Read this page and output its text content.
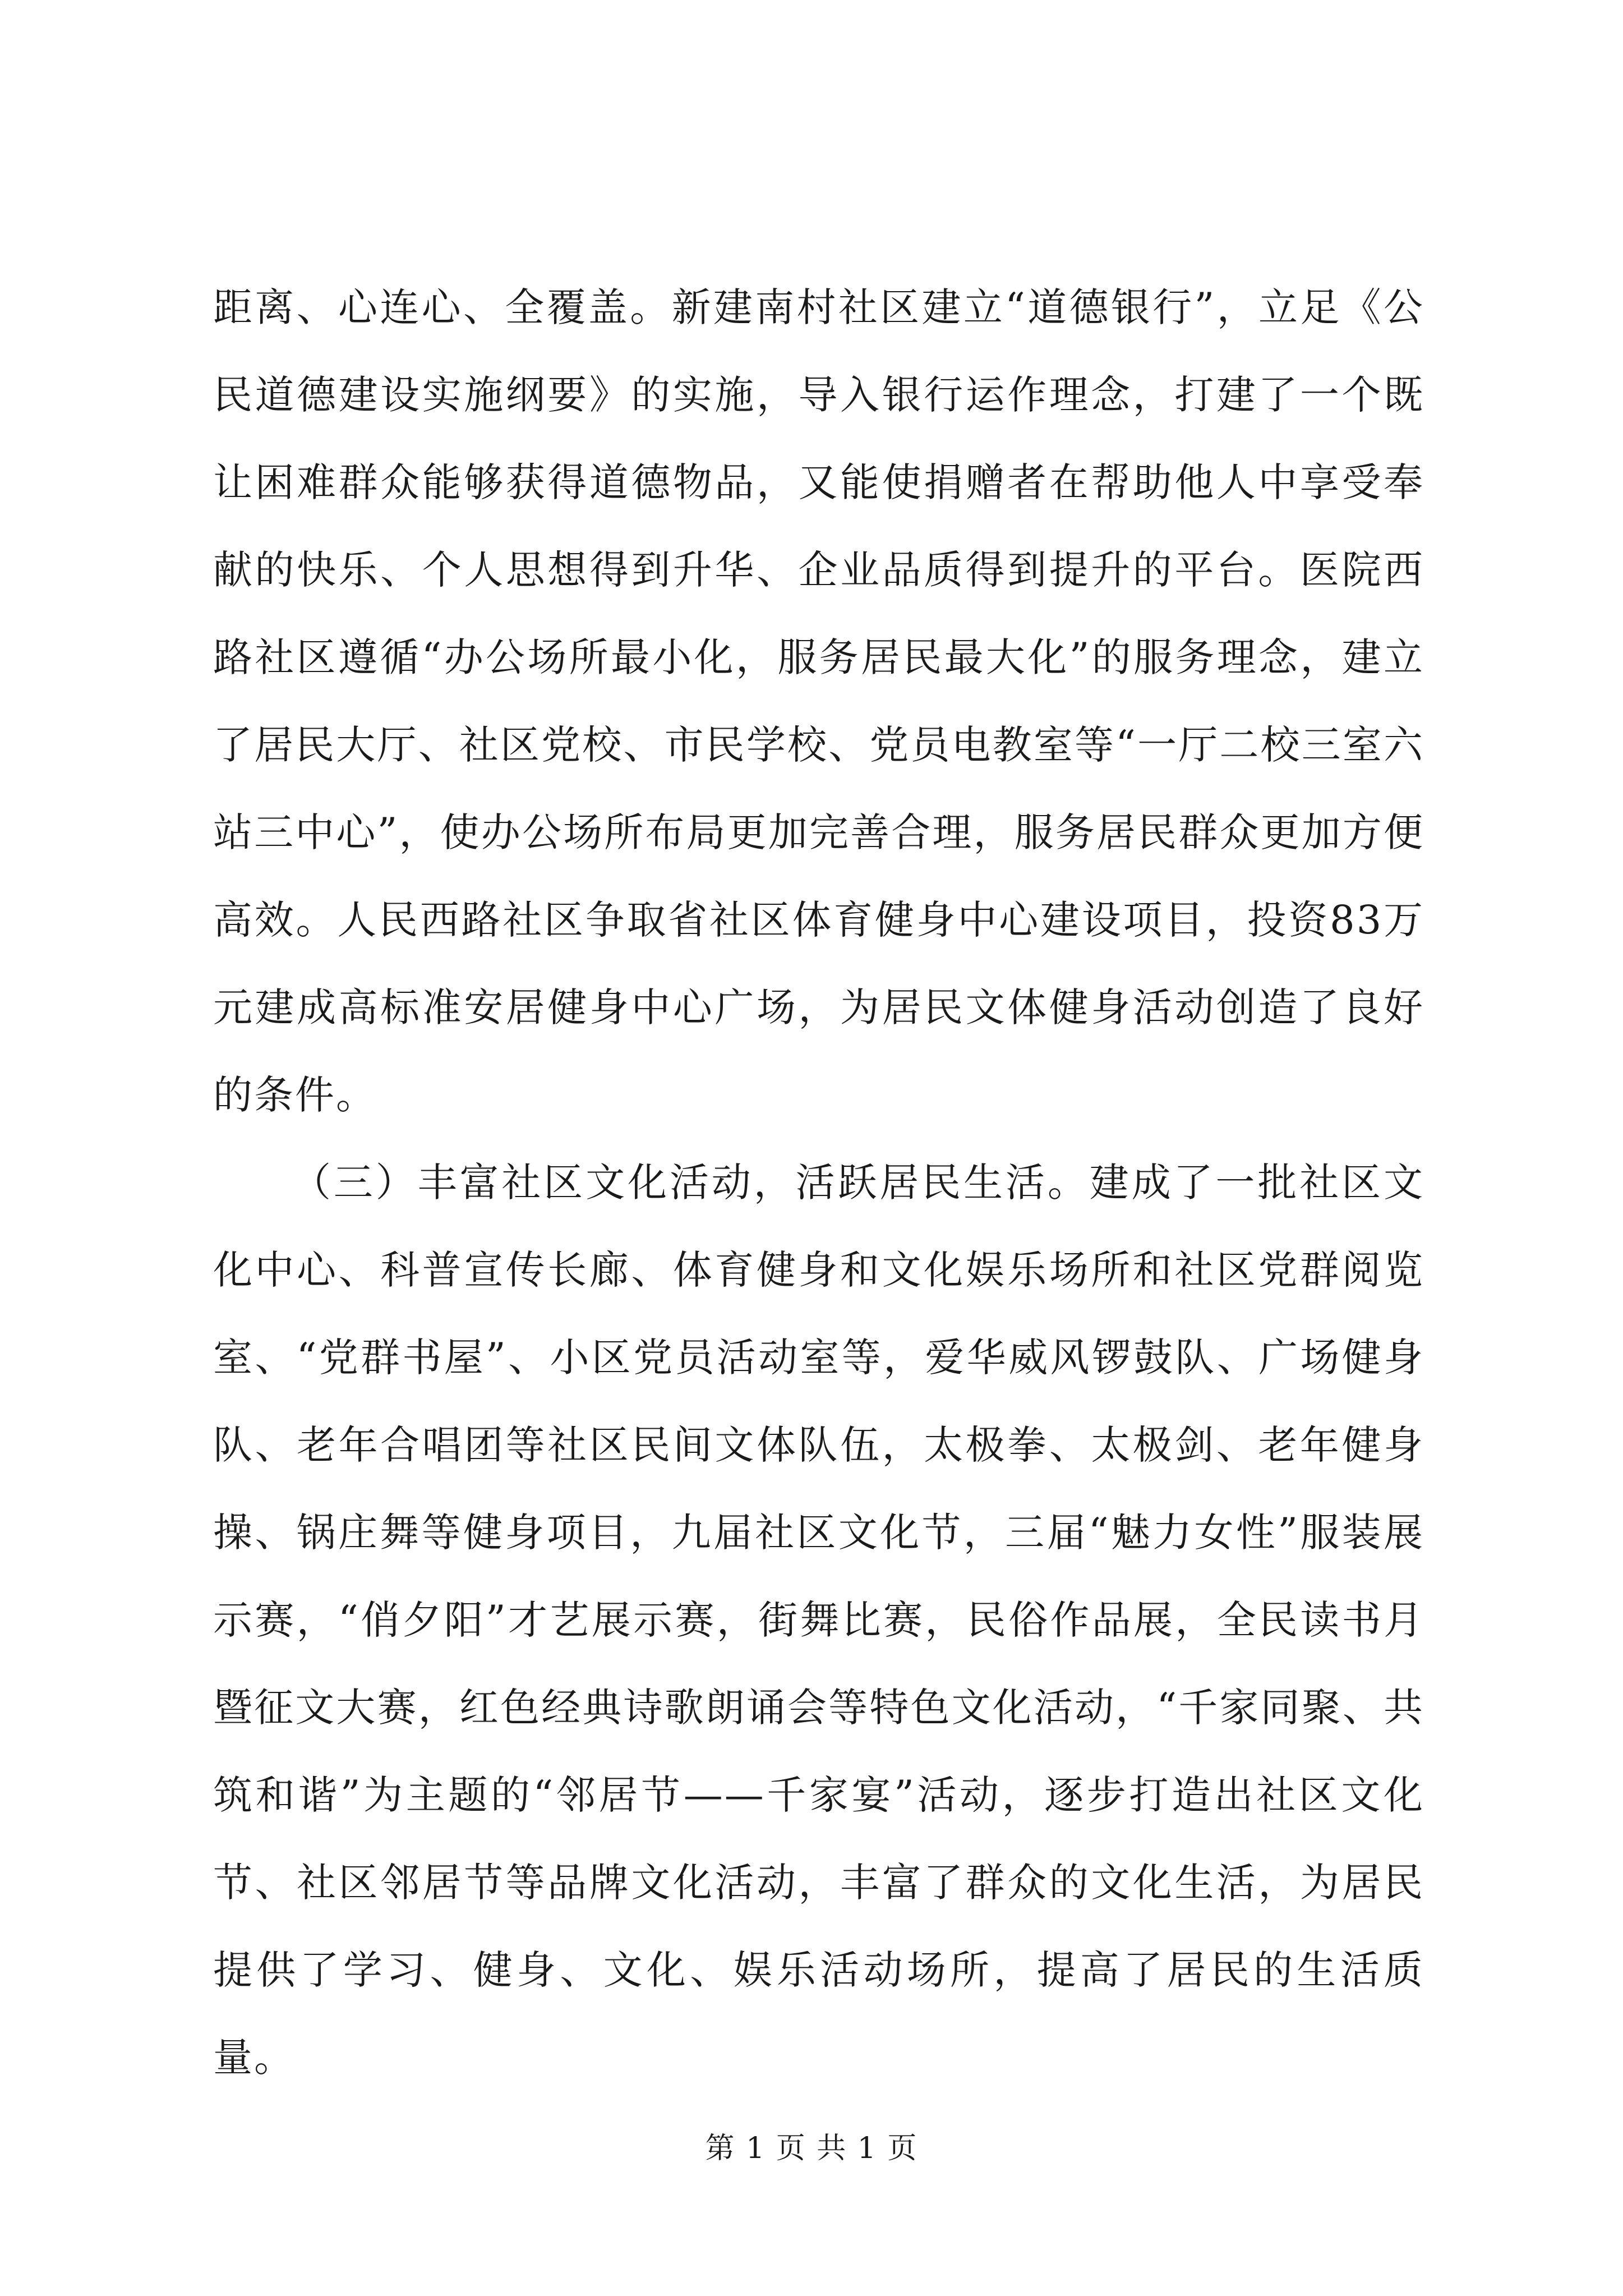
距离、心连心、全覆盖。新建南村社区建立“道德银行”，立足《公民道德建设实施纲要》的实施，导入银行运作理念，打建了一个既让困难群众能够获得道德物品，又能使捐赠者在帮助他人中享受奉献的快乐、个人思想得到升华、企业品质得到提升的平台。医院西路社区遵循“办公场所最小化，服务居民最大化”的服务理念，建立了居民大厅、社区党校、市民学校、党员电教室等“一厅二校三室六站三中心”，使办公场所布局更加完善合理，服务居民群众更加方便高效。人民西路社区争取省社区体育健身中心建设项目，投资83万元建成高标准安居健身中心广场，为居民文体健身活动创造了良好的条件。

（三）丰富社区文化活动，活跃居民生活。建成了一批社区文化中心、科普宣传长廊、体育健身和文化娱乐场所和社区党群阅览室、“党群书屋”、小区党员活动室等，爱华威风锣鼓队、广场健身队、老年合唱团等社区民间文体队伍，太极拳、太极剑、老年健身操、锅庄舞等健身项目，九届社区文化节，三届“魅力女性”服装展示赛，“俏夕阳”才艺展示赛，街舞比赛，民俗作品展，全民读书月暨征文大赛，红色经典诗歌朗诵会等特色文化活动，“千家同聚、共筑和谐”为主题的“邻居节——千家宴”活动，逐步打造出社区文化节、社区邻居节等品牌文化活动，丰富了群众的文化生活，为居民提供了学习、健身、文化、娱乐活动场所，提高了居民的生活质量。

第 1 页 共 1 页
